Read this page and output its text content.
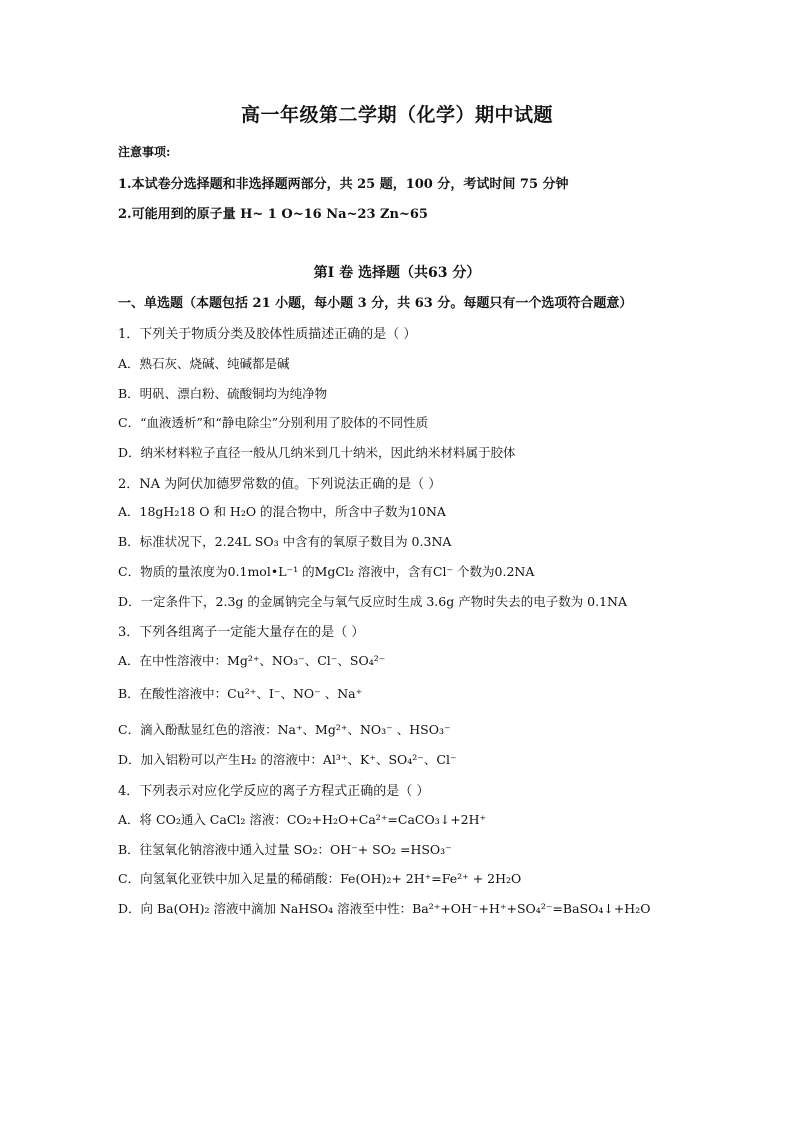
高一年级第二学期（化学）期中试题
注意事项:
1.本试卷分选择题和非选择题两部分，共 25 题，100 分，考试时间 75 分钟
2.可能用到的原子量 H~ 1 O~16 Na~23 Zn~65
第I 卷 选择题（共63 分）
一、单选题（本题包括 21 小题，每小题 3 分，共 63 分。每题只有一个选项符合题意）
1．下列关于物质分类及胶体性质描述正确的是（ ）
A．熟石灰、烧碱、纯碱都是碱
B．明矾、漂白粉、硫酸铜均为纯净物
C．“血液透析”和“静电除尘”分别利用了胶体的不同性质
D．纳米材料粒子直径一般从几纳米到几十纳米，因此纳米材料属于胶体
2．NA 为阿伏加德罗常数的值。下列说法正确的是（ ）
A．18gH₂18 O 和 H₂O 的混合物中，所含中子数为10NA
B．标准状况下，2.24L SO₃ 中含有的氧原子数目为 0.3NA
C．物质的量浓度为0.1mol•L⁻¹ 的MgCl₂ 溶液中，含有Cl⁻ 个数为0.2NA
D．一定条件下，2.3g 的金属钠完全与氧气反应时生成 3.6g 产物时失去的电子数为 0.1NA
3．下列各组离子一定能大量存在的是（ ）
A．在中性溶液中：Mg²⁺、NO₃⁻、Cl⁻、SO₄²⁻
B．在酸性溶液中：Cu²⁺、I⁻、NO⁻ 、Na⁺
C．滴入酚酞显红色的溶液：Na⁺、Mg²⁺、NO₃⁻ 、HSO₃⁻
D．加入铝粉可以产生H₂ 的溶液中：Al³⁺、K⁺、SO₄²⁻、Cl⁻
4．下列表示对应化学反应的离子方程式正确的是（ ）
A．将 CO₂通入 CaCl₂ 溶液：CO₂+H₂O+Ca²⁺=CaCO₃↓+2H⁺
B．往氢氧化钠溶液中通入过量 SO₂：OH⁻+ SO₂ =HSO₃⁻
C．向氢氧化亚铁中加入足量的稀硝酸：Fe(OH)₂+ 2H⁺=Fe²⁺ + 2H₂O
D．向 Ba(OH)₂ 溶液中滴加 NaHSO₄ 溶液至中性：Ba²⁺+OH⁻+H⁺+SO₄²⁻=BaSO₄↓+H₂O
